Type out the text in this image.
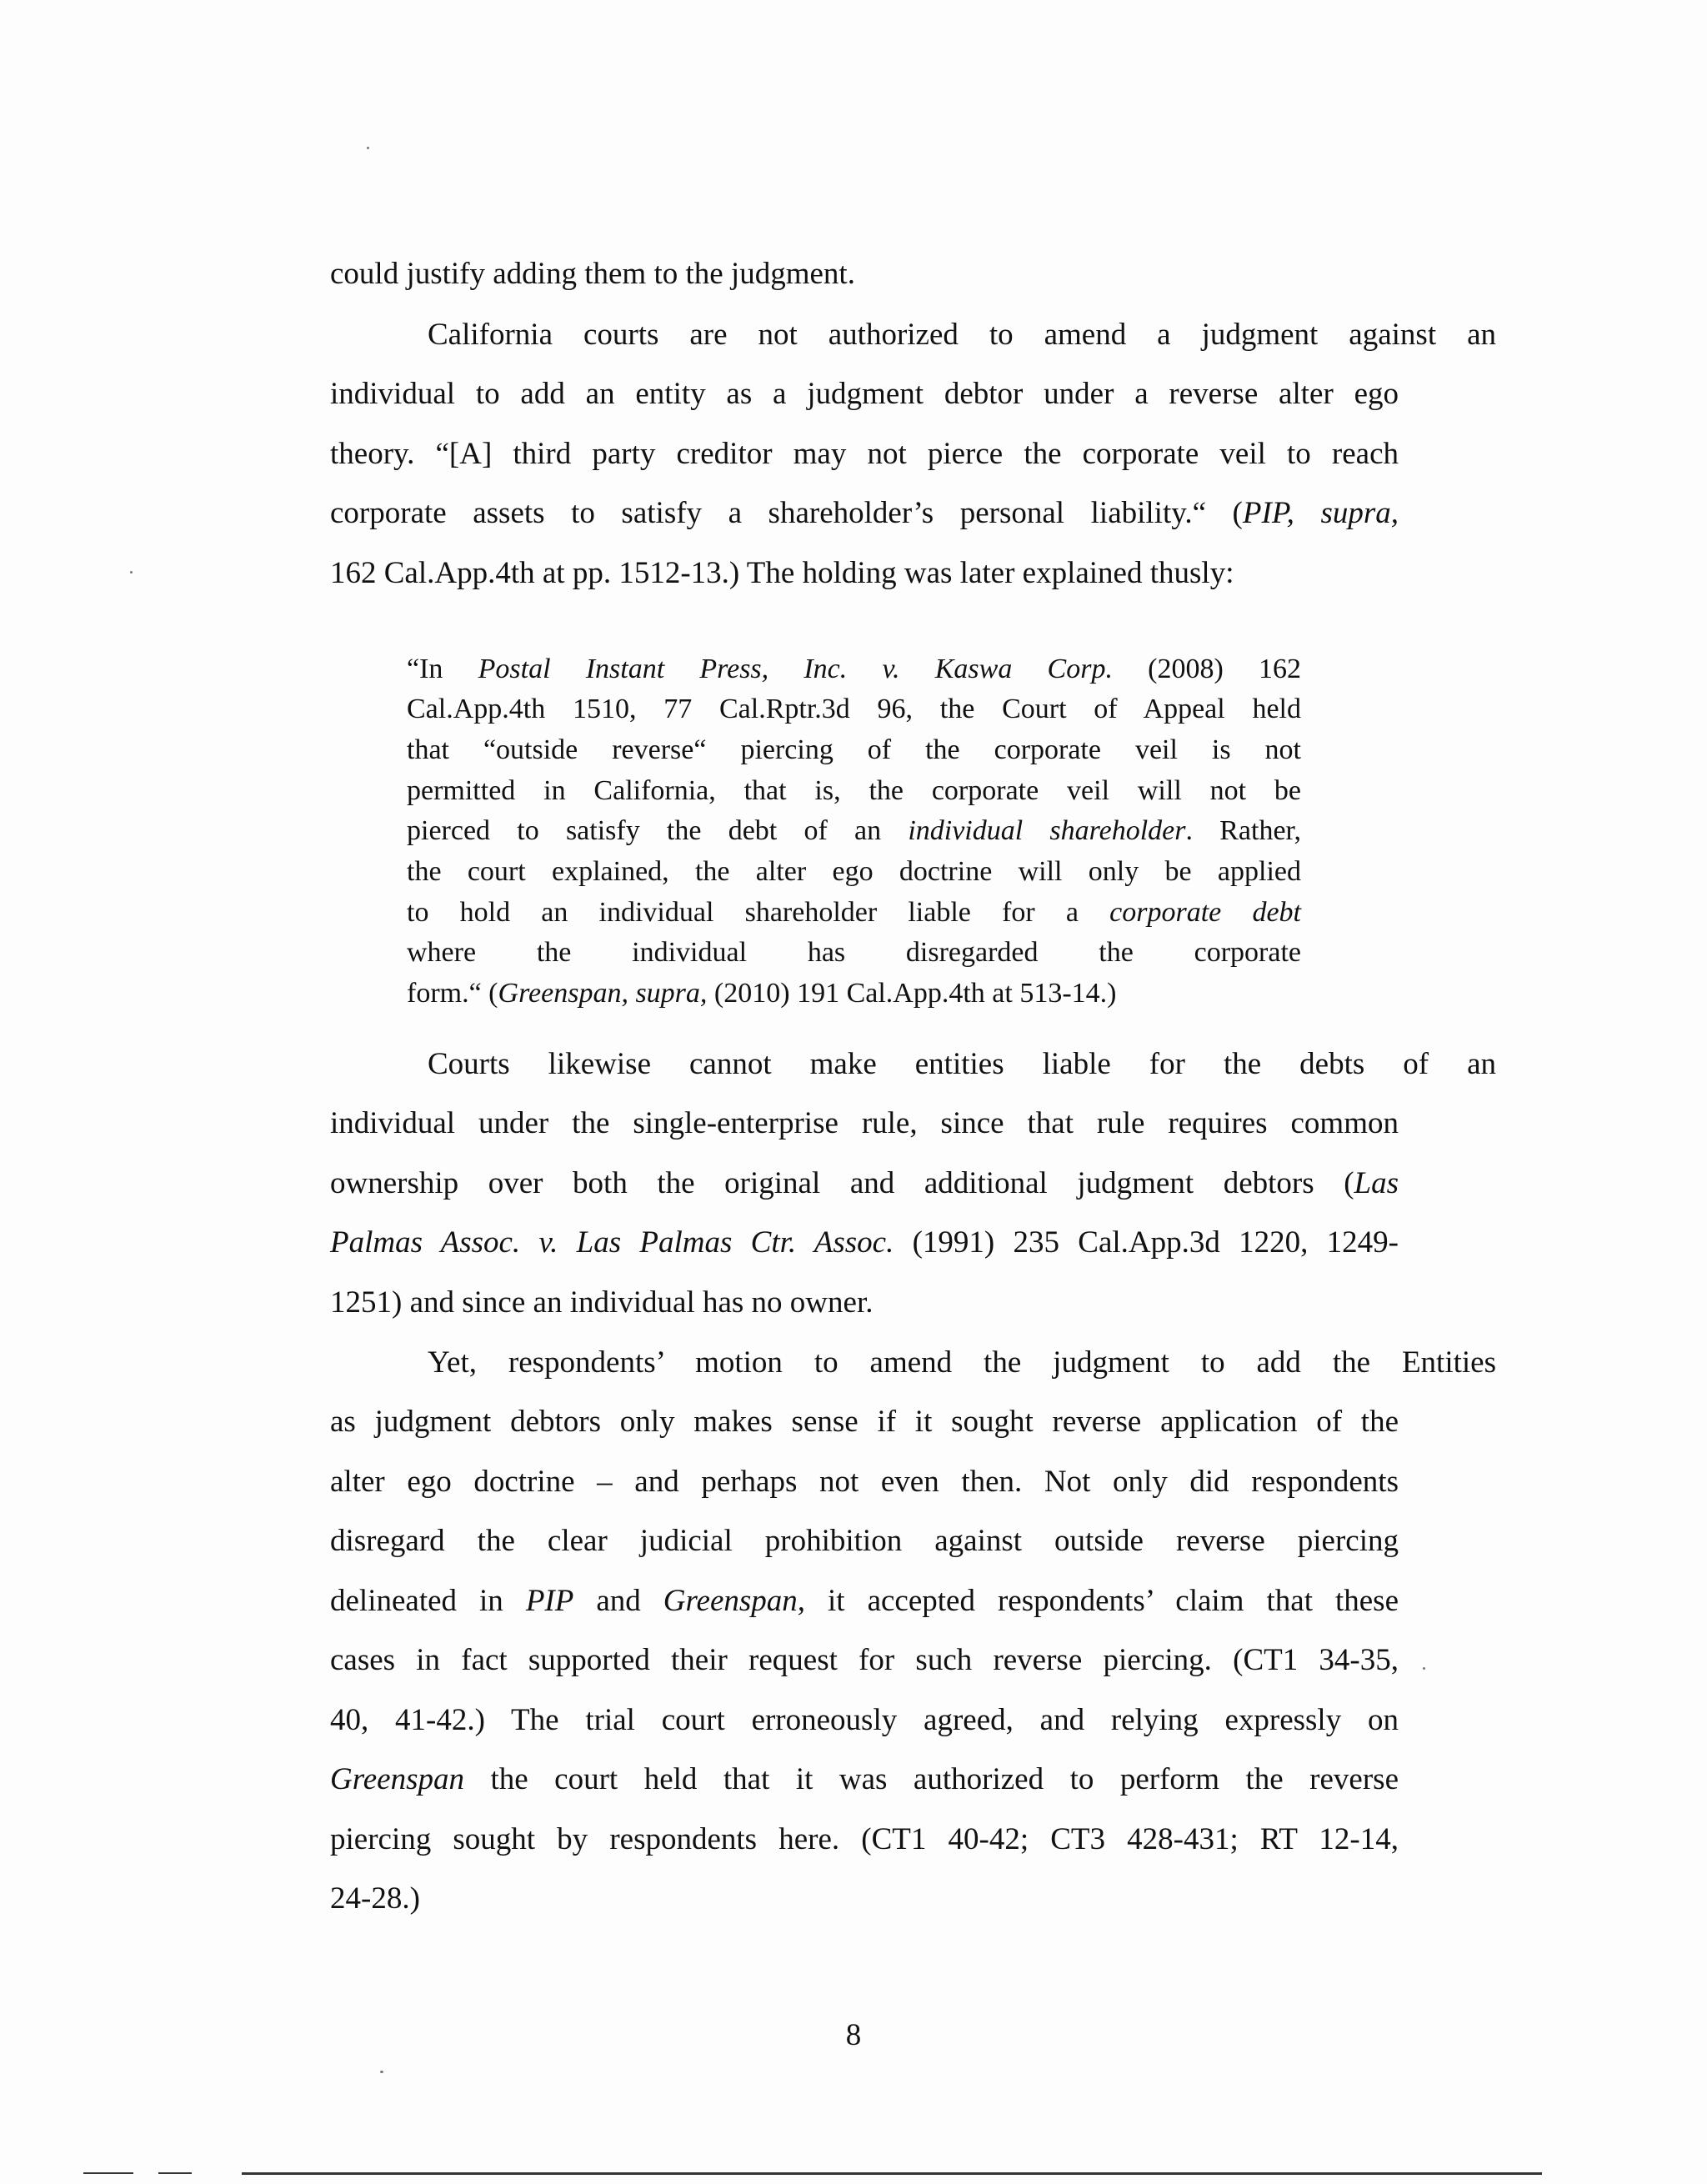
could justify adding them to the judgment.
California courts are not authorized to amend a judgment against an
individual to add an entity as a judgment debtor under a reverse alter ego
theory. “[A] third party creditor may not pierce the corporate veil to reach
corporate assets to satisfy a shareholder’s personal liability.“ (PIP, supra,
162 Cal.App.4th at pp. 1512-13.) The holding was later explained thusly:
“In Postal Instant Press, Inc. v. Kaswa Corp. (2008) 162
Cal.App.4th 1510, 77 Cal.Rptr.3d 96, the Court of Appeal held
that “outside reverse“ piercing of the corporate veil is not
permitted in California, that is, the corporate veil will not be
pierced to satisfy the debt of an individual shareholder. Rather,
the court explained, the alter ego doctrine will only be applied
to hold an individual shareholder liable for a corporate debt
where the individual has disregarded the corporate
form.“ (Greenspan, supra, (2010) 191 Cal.App.4th at 513-14.)
Courts likewise cannot make entities liable for the debts of an
individual under the single-enterprise rule, since that rule requires common
ownership over both the original and additional judgment debtors (Las
Palmas Assoc. v. Las Palmas Ctr. Assoc. (1991) 235 Cal.App.3d 1220, 1249-
1251) and since an individual has no owner.
Yet, respondents’ motion to amend the judgment to add the Entities
as judgment debtors only makes sense if it sought reverse application of the
alter ego doctrine – and perhaps not even then. Not only did respondents
disregard the clear judicial prohibition against outside reverse piercing
delineated in PIP and Greenspan, it accepted respondents’ claim that these
cases in fact supported their request for such reverse piercing. (CT1 34-35,
40, 41-42.) The trial court erroneously agreed, and relying expressly on
Greenspan the court held that it was authorized to perform the reverse
piercing sought by respondents here. (CT1 40-42; CT3 428-431; RT 12-14,
24-28.)
8
